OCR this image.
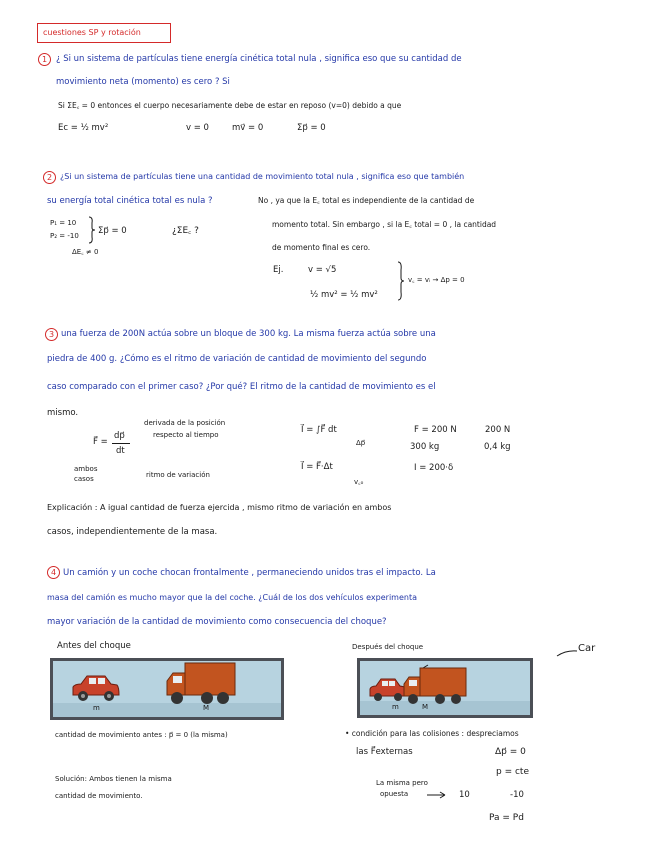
cuestiones SP y rotación
1	¿ Si un sistema de partículas tiene energía cinética total nula , significa eso que su cantidad de
movimiento neta (momento) es cero ? Si
Si ΣE꜀ = 0 entonces el cuerpo necesariamente debe de estar en reposo (v=0) debido a que
Ec = ½ mv²	v = 0	mv⃗ = 0	Σp⃗ = 0
2 ¿Si un sistema de partículas tiene una cantidad de movimiento total nula , significa eso que también
su energía total cinética total es nula ?	No , ya que la E꜀ total es independiente de la cantidad de
momento total. Sin embargo , si la E꜀ total = 0 , la cantidad
de momento final es cero.
P₁ = 10
P₂ = -10 Σp⃗ = 0	¿ΣE꜀ ?
ΔE꜀ ≠ 0
Ej.	v = √5
½ mv² = ½ mv²
v꜀ = vᵢ → Δp = 0
3 una fuerza de 200N actúa sobre un bloque de 300 kg. La misma fuerza actúa sobre una
piedra de 400 g. ¿Cómo es el ritmo de variación de cantidad de movimiento del segundo
caso comparado con el primer caso? ¿Por qué? El ritmo de la cantidad de movimiento es el
mismo.
derivada de la posición
respecto al tiempo
F⃗ =
dp⃗
dt
ambos
casos	ritmo de variación
I⃗ = ∫F⃗ dt
Δp⃗
I⃗ = F⃗·Δt
v꜀ₒ
F = 200 N	200 N
300 kg	0,4 kg
I = 200·δ
Explicación : A igual cantidad de fuerza ejercida , mismo ritmo de variación en ambos
casos, independientemente de la masa.
4 Un camión y un coche chocan frontalmente , permaneciendo unidos tras el impacto. La
masa del camión es mucho mayor que la del coche. ¿Cuál de los dos vehículos experimenta
mayor variación de la cantidad de movimiento como consecuencia del choque?
Antes del choque	Después del choque	Car
m	M	m	M
cantidad de movimiento antes : p⃗ = 0 (la misma)	• condición para las colisiones : despreciamos
las F⃗externas	Δp⃗ = 0
p = cte
La misma pero
opuesta	10	-10
Pa = Pd
Solución: Ambos tienen la misma
cantidad de movimiento.
